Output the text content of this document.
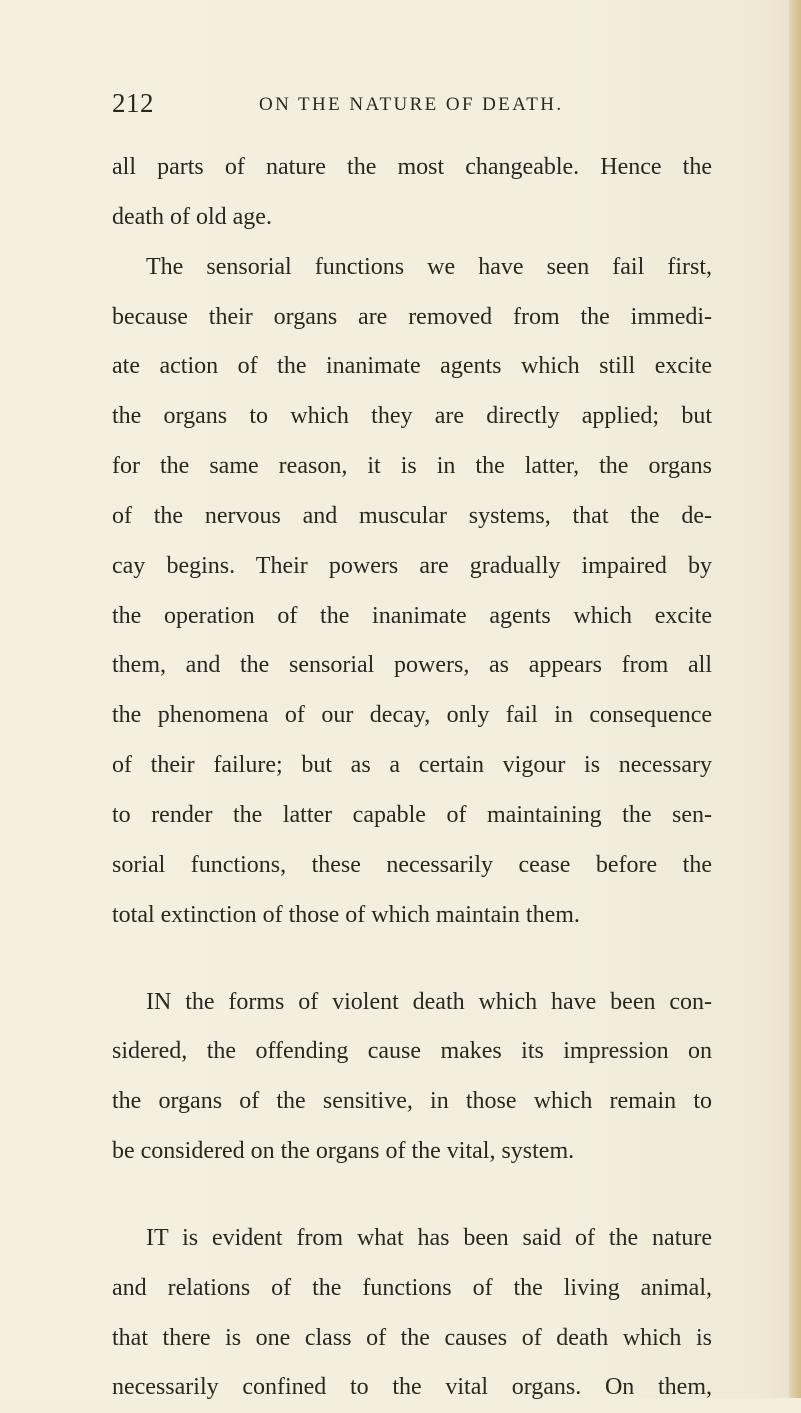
212	ON THE NATURE OF DEATH.
all parts of nature the most changeable. Hence the
death of old age.
The sensorial functions we have seen fail first,
because their organs are removed from the immedi-
ate action of the inanimate agents which still excite
the organs to which they are directly applied; but
for the same reason, it is in the latter, the organs
of the nervous and muscular systems, that the de-
cay begins. Their powers are gradually impaired by
the operation of the inanimate agents which excite
them, and the sensorial powers, as appears from all
the phenomena of our decay, only fail in consequence
of their failure; but as a certain vigour is necessary
to render the latter capable of maintaining the sen-
sorial functions, these necessarily cease before the
total extinction of those of which maintain them.
IN the forms of violent death which have been con-
sidered, the offending cause makes its impression on
the organs of the sensitive, in those which remain to
be considered on the organs of the vital, system.
IT is evident from what has been said of the nature
and relations of the functions of the living animal,
that there is one class of the causes of death which is
necessarily confined to the vital organs. On them,
